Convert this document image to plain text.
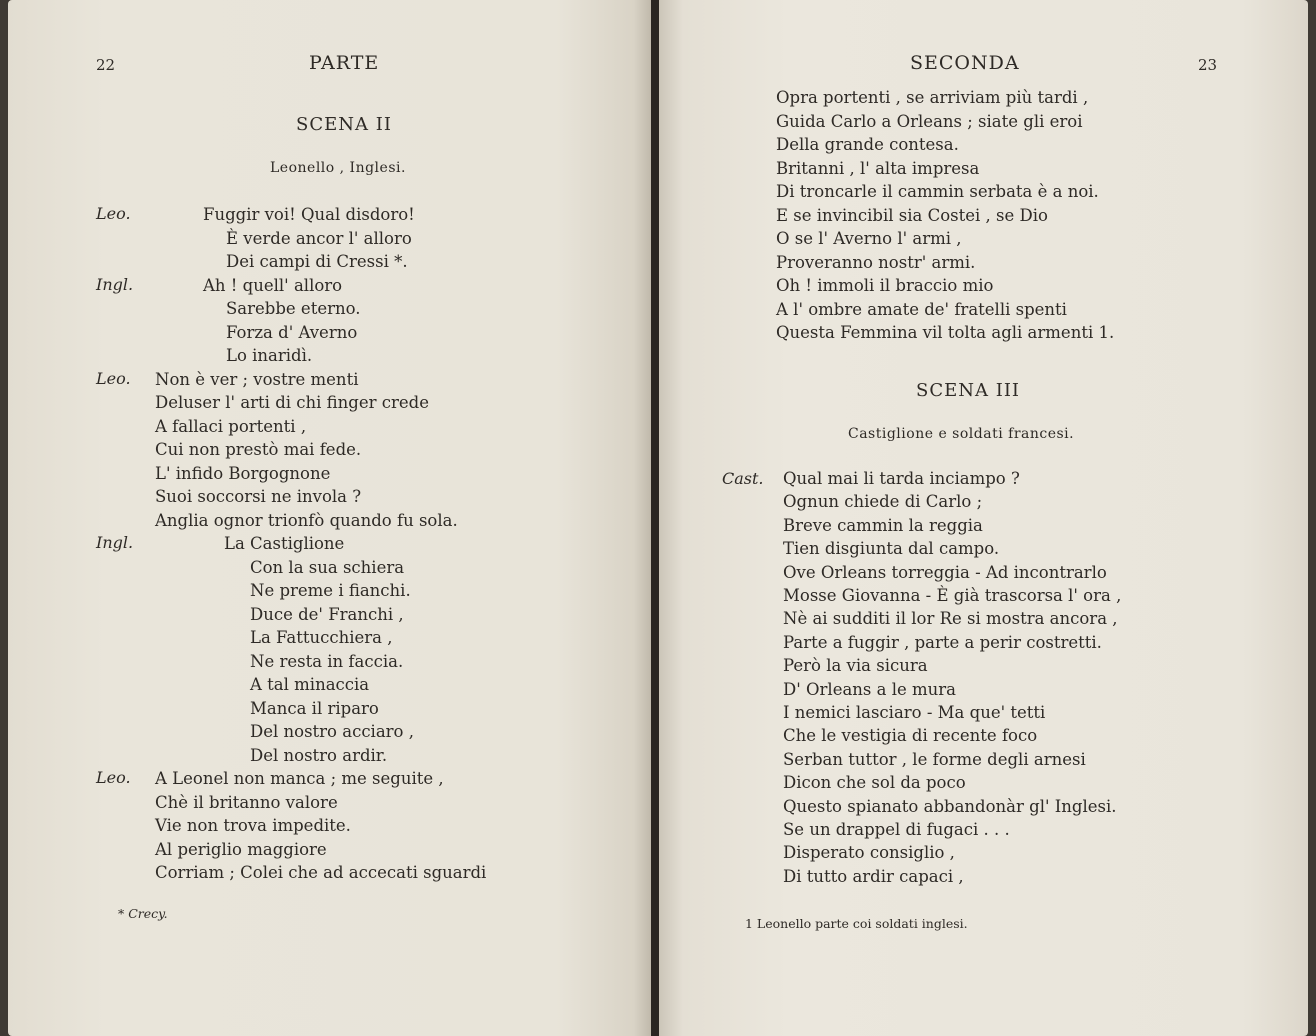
22	PARTE
SCENA II
Leonello , Inglesi.
Fuggir voi! Qual disdoro!
È verde ancor l' alloro
Dei campi di Cressi *.
Ah ! quell' alloro
Sarebbe eterno.
Forza d' Averno
Lo inaridì.
Non è ver ; vostre menti
Deluser l' arti di chi finger crede
A fallaci portenti ,
Cui non prestò mai fede.
L' infido Borgognone
Suoi soccorsi ne invola ?
Anglia ognor trionfò quando fu sola.
La Castiglione
Con la sua schiera
Ne preme i fianchi.
Duce de' Franchi ,
La Fattucchiera ,
Ne resta in faccia.
A tal minaccia
Manca il riparo
Del nostro acciaro ,
Del nostro ardir.
A Leonel non manca ; me seguite ,
Chè il britanno valore
Vie non trova impedite.
Al periglio maggiore
Corriam ; Colei che ad accecati sguardi
* Crecy.
SECONDA	23
Opra portenti , se arriviam più tardi ,
Guida Carlo a Orleans ; siate gli eroi
Della grande contesa.
Britanni , l' alta impresa
Di troncarle il cammin serbata è a noi.
E se invincibil sia Costei , se Dio
O se l' Averno l' armi ,
Proveranno nostr' armi.
Oh ! immoli il braccio mio
A l' ombre amate de' fratelli spenti
Questa Femmina vil tolta agli armenti 1.
SCENA III
Castiglione e soldati francesi.
Cast. Qual mai li tarda inciampo ?
Ognun chiede di Carlo ;
Breve cammin la reggia
Tien disgiunta dal campo.
Ove Orleans torreggia - Ad incontrarlo
Mosse Giovanna - È già trascorsa l' ora ,
Nè ai sudditi il lor Re si mostra ancora ,
Parte a fuggir , parte a perir costretti.
Però la via sicura
D' Orleans a le mura
I nemici lasciaro - Ma que' tetti
Che le vestigia di recente foco
Serban tuttor , le forme degli arnesi
Dicon che sol da poco
Questo spianato abbandonàr gl' Inglesi.
Se un drappel di fugaci . . .
Disperato consiglio ,
Di tutto ardir capaci ,
1 Leonello parte coi soldati inglesi.
Leo.
Ingl.
Leo.
Ingl.
Leo.
